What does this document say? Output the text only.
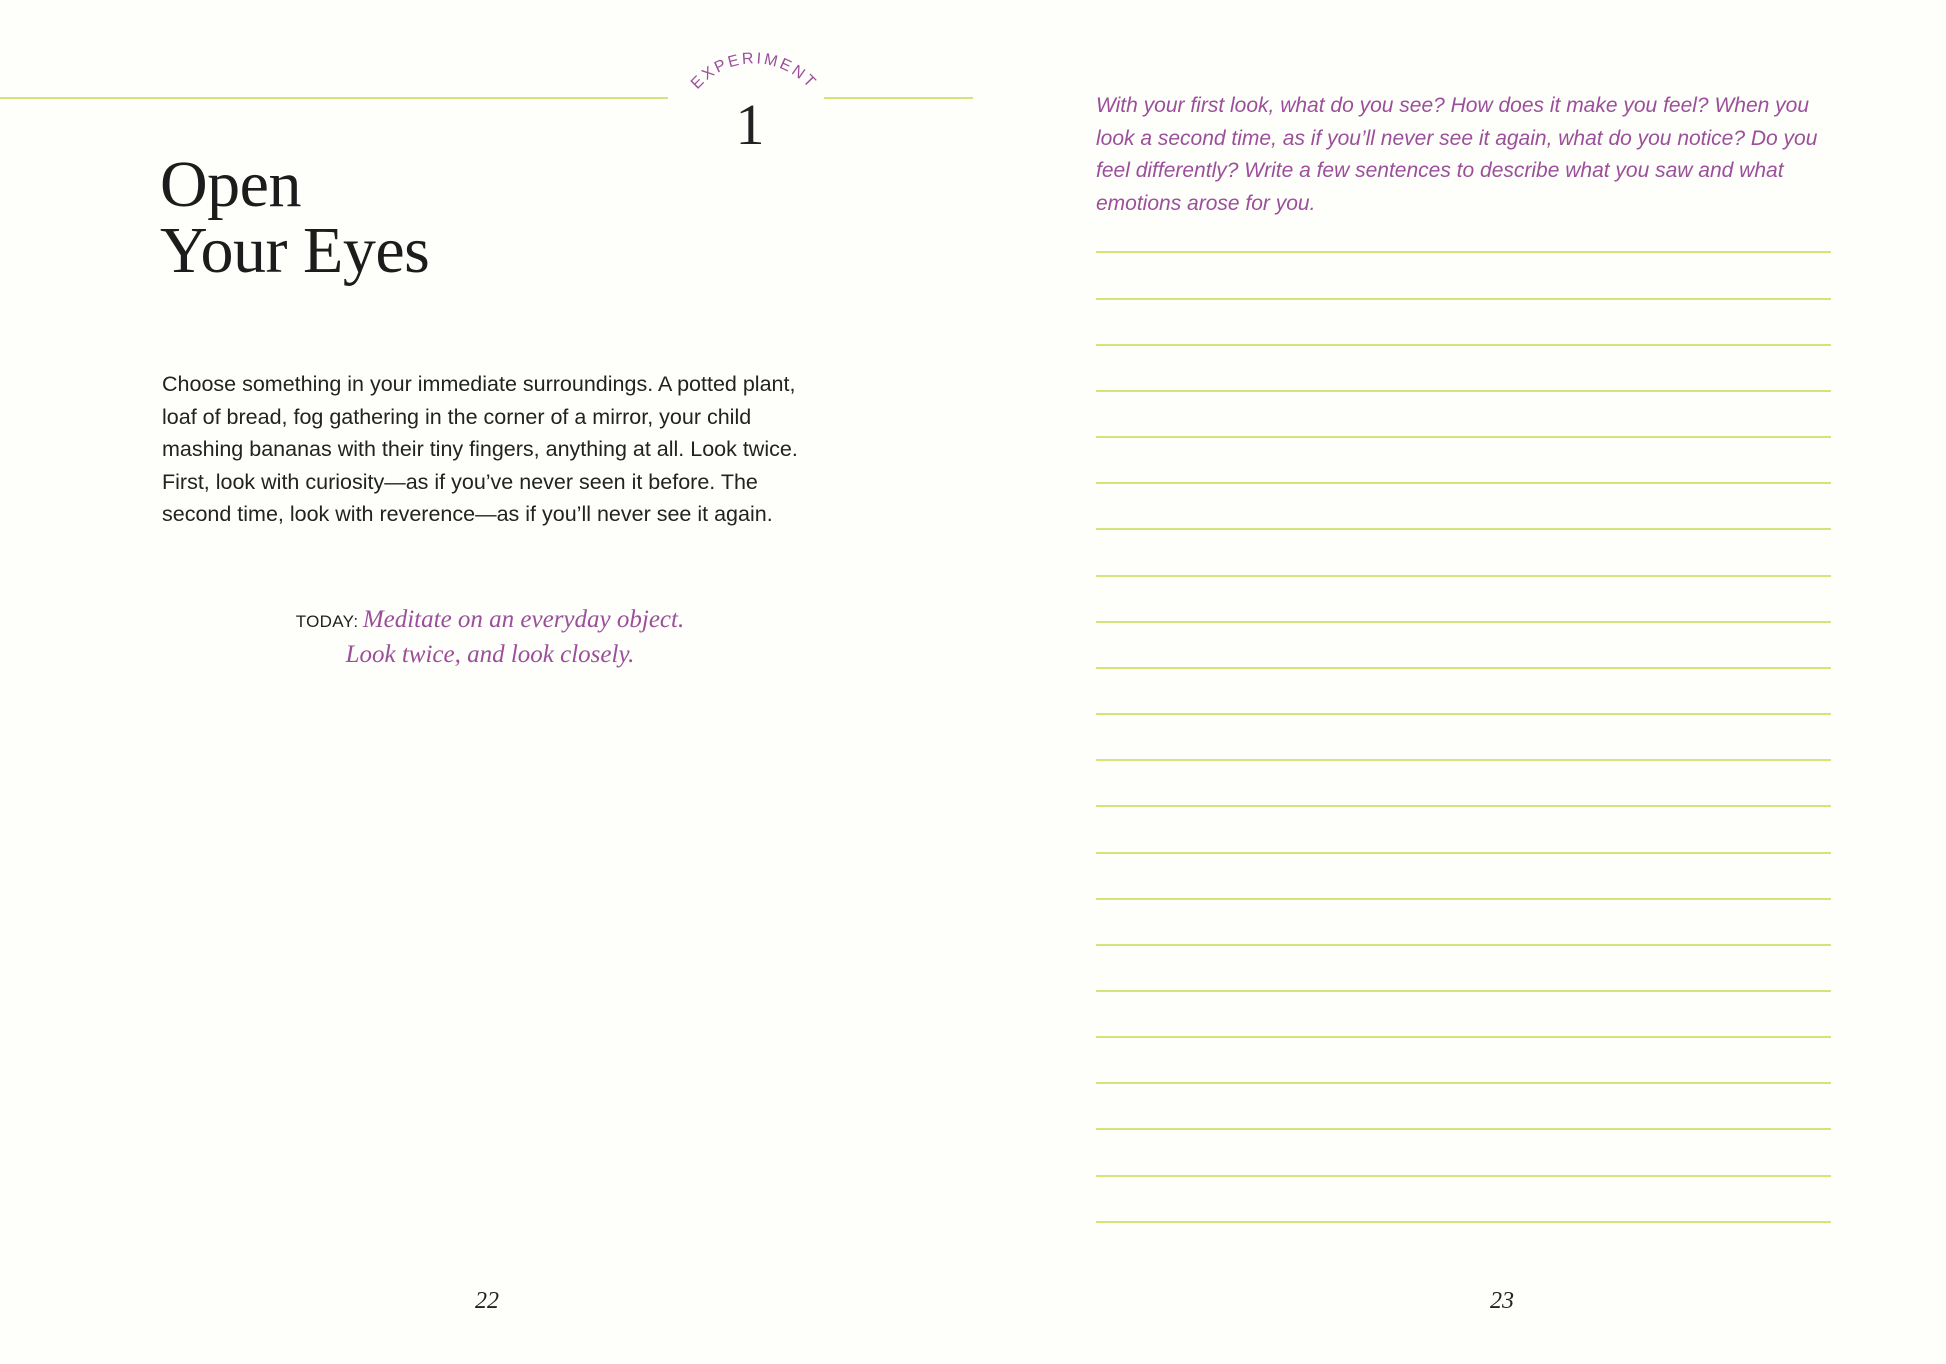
EXPERIMENT
1
Open
Your Eyes

Choose something in your immediate surroundings. A potted plant, loaf of bread, fog gathering in the corner of a mirror, your child mashing bananas with their tiny fingers, anything at all. Look twice. First, look with curiosity—as if you’ve never seen it before. The second time, look with reverence—as if you’ll never see it again.

TODAY: Meditate on an everyday object.
Look twice, and look closely.
22

With your first look, what do you see? How does it make you feel? When you look a second time, as if you’ll never see it again, what do you notice? Do you feel differently? Write a few sentences to describe what you saw and what emotions arose for you.

23
